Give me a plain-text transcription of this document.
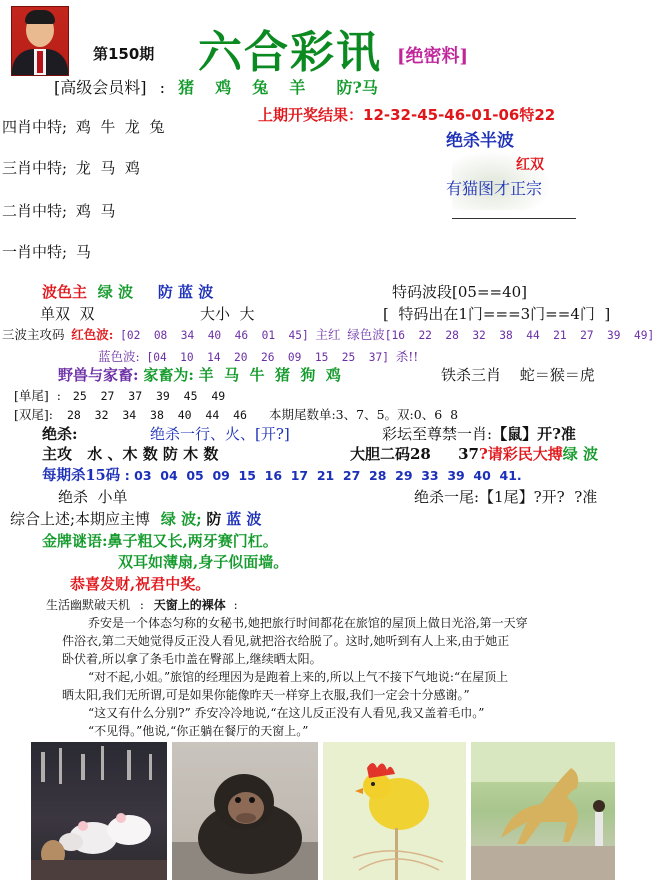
第150期 六合彩讯 [绝密料]
[高级会员料] : 猪 鸡 兔 羊 防?马
上期开奖结果：12-32-45-46-01-06特22
四肖中特; 鸡  牛  龙  兔
三肖中特; 龙  马  鸡
二肖中特; 鸡  马
一肖中特; 马
绝杀半波
红双
有猫图才正宗
波色主 绿 波 防 蓝 波	特码波段[05==40]
单双  双	大小  大	[  特码出在1门===3门==4门  ]
三波主攻码 红色波: [02  08  34  40  46  01  45] 主红 绿色波[16  22  28  32  38  44  21  27  39  49]
蓝色波: [04  10  14  20  26  09  15  25  37] 杀!!
野兽与家畜: 家畜为: 羊  马  牛  猪  狗  鸡	铁杀三肖 蛇＝猴＝虎
[单尾]  : 25  27  37  39  45  49
[双尾]: 28  32  34  38  40  44  46 本期尾数单:3、7、5。双:0、6  8
绝杀:	绝杀一行、火、[开?]	彩坛至尊禁一肖:【鼠】开?准
主攻 水 、木 数 防 木 数	大胆二码28 37?请彩民大搏绿 波
每期杀15码 : 03  04  05  09  15  16  17  21  27  28  29  33  39  40  41.
绝杀  小单	绝杀一尾:【1尾】?开?  ?准
综合上述;本期应主博 绿 波; 防 蓝 波
金牌谜语:鼻子粗又长,两牙赛门杠。
双耳如薄扇,身子似面墙。
恭喜发财,祝君中奖。
生活幽默破天机 : 天窗上的裸体 :
乔安是一个体态匀称的女秘书,她把旅行时间都花在旅馆的屋顶上做日光浴,第一天穿
件浴衣,第二天她觉得反正没人看见,就把浴衣给脱了。这时,她听到有人上来,由于她正
卧伏着,所以拿了条毛巾盖在臀部上,继续晒太阳。
“对不起,小姐。”旅馆的经理因为是跑着上来的,所以上气不接下气地说:“在屋顶上
晒太阳,我们无所谓,可是如果你能像昨天一样穿上衣服,我们一定会十分感谢。”
“这又有什么分别?” 乔安冷冷地说,“在这儿反正没有人看见,我又盖着毛巾。”
“不见得。”他说,“你正躺在餐厅的天窗上。”
